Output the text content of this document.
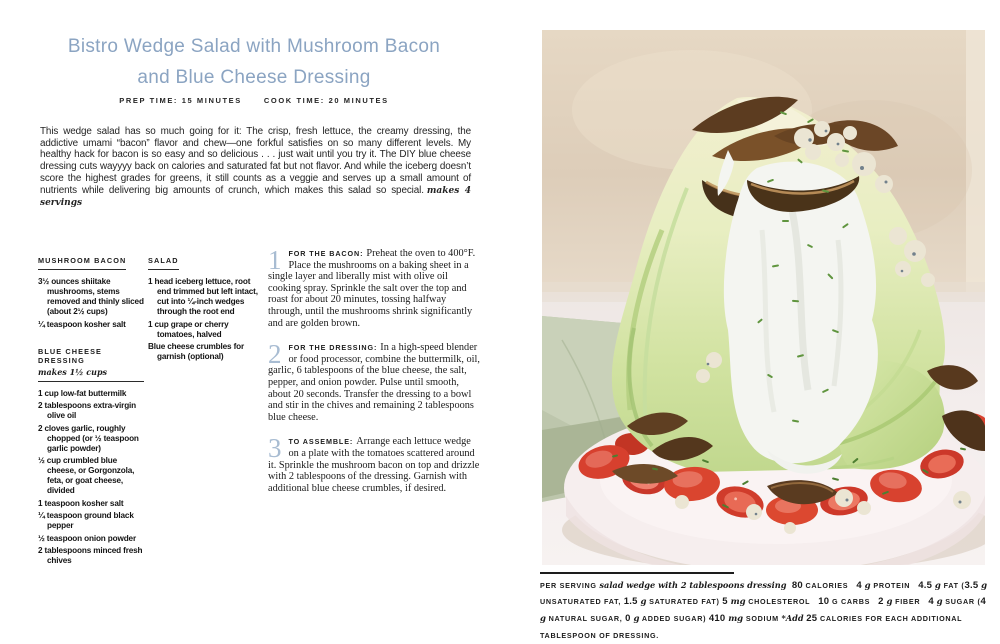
Bistro Wedge Salad with Mushroom Bacon
and Blue Cheese Dressing
PREP TIME: 15 MINUTES	COOK TIME: 20 MINUTES

This wedge salad has so much going for it: The crisp, fresh lettuce, the creamy dressing, the addictive umami “bacon” flavor and chew—one forkful satisfies on so many different levels. My healthy hack for bacon is so easy and so delicious . . . just wait until you try it. The DIY blue cheese dressing cuts wayyyy back on calories and saturated fat but not flavor. And while the iceberg doesn’t score the highest grades for greens, it still counts as a veggie and serves up a small amount of nutrients while delivering big amounts of crunch, which makes this salad so special. makes 4 servings

MUSHROOM BACON
3½ ounces shiitake mushrooms, stems removed and thinly sliced (about 2½ cups)
¼ teaspoon kosher salt
BLUE CHEESE DRESSING
makes 1½ cups
1 cup low-fat buttermilk
2 tablespoons extra-virgin olive oil
2 cloves garlic, roughly chopped (or ½ teaspoon garlic powder)
½ cup crumbled blue cheese, or Gorgonzola, feta, or goat cheese, divided
1 teaspoon kosher salt
¼ teaspoon ground black pepper
½ teaspoon onion powder
2 tablespoons minced fresh chives
SALAD
1 head iceberg lettuce, root end trimmed but left intact, cut into ¼-inch wedges through the root end
1 cup grape or cherry tomatoes, halved
Blue cheese crumbles for garnish (optional)
1 FOR THE BACON: Preheat the oven to 400°F. Place the mushrooms on a baking sheet in a single layer and liberally mist with olive oil cooking spray. Sprinkle the salt over the top and roast for about 20 minutes, tossing halfway through, until the mushrooms shrink significantly and are golden brown.

2 FOR THE DRESSING: In a high-speed blender or food processor, combine the buttermilk, oil, garlic, 6 tablespoons of the blue cheese, the salt, pepper, and onion powder. Pulse until smooth, about 20 seconds. Transfer the dressing to a bowl and stir in the chives and remaining 2 tablespoons blue cheese.

3 TO ASSEMBLE: Arrange each lettuce wedge on a plate with the tomatoes scattered around it. Sprinkle the mushroom bacon on top and drizzle with 2 tablespoons of the dressing. Garnish with additional blue cheese crumbles, if desired.

PER SERVING salad wedge with 2 tablespoons dressing 80 CALORIES   4 g PROTEIN   4.5 g FAT (3.5 g UNSATURATED FAT, 1.5 g SATURATED FAT) 5 mg CHOLESTEROL   10 G CARBS   2 g FIBER   4 g SUGAR (4 g NATURAL SUGAR, 0 g ADDED SUGAR) 410 mg SODIUM *Add 25 CALORIES FOR EACH ADDITIONAL TABLESPOON OF DRESSING.
